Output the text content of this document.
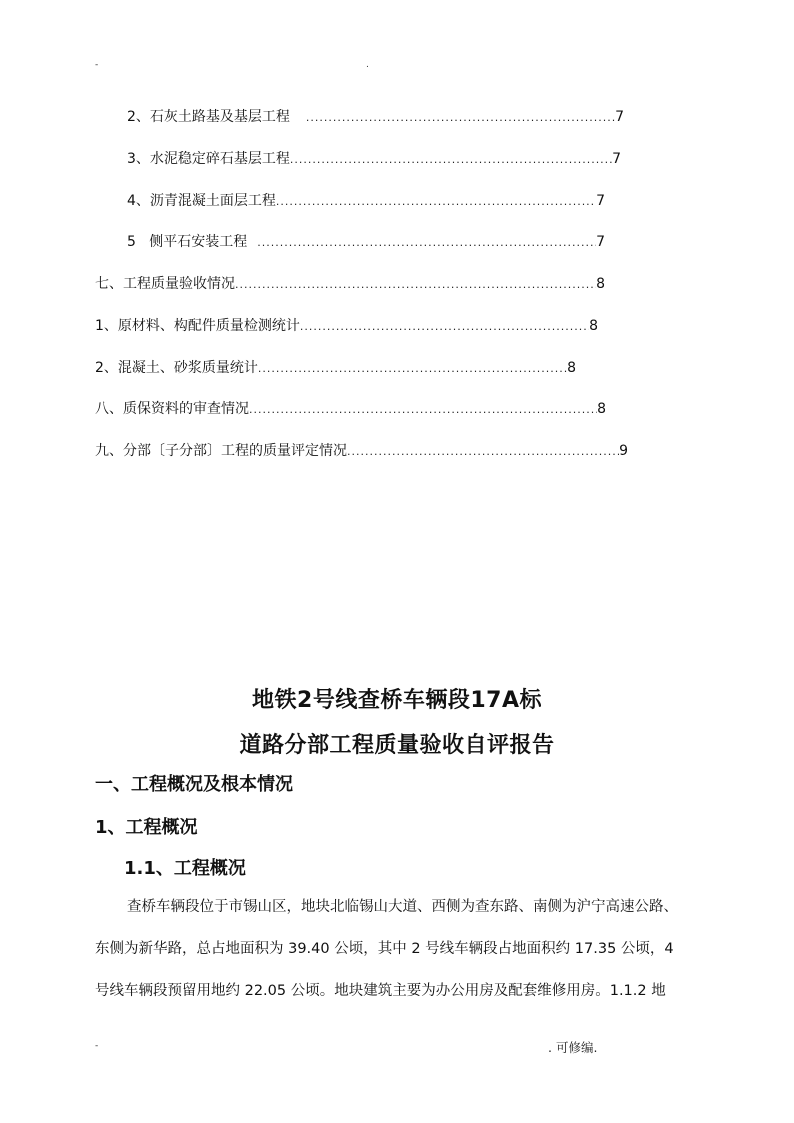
-	.
2、石灰土路基及基层工程 .....	7
3、水泥稳定碎石基层工程 .....	7
4、沥青混凝土面层工程 .....	7
5   侧平石安装工程 .....	7
七、工程质量验收情况 .....	8
1、原材料、构配件质量检测统计 .....	8
2、混凝土、砂浆质量统计 .....	8
八、质保资料的审查情况 .....	8
九、分部〔子分部〕工程的质量评定情况 .....	9
地铁2号线查桥车辆段17A标
道路分部工程质量验收自评报告
一、工程概况及根本情况
1、工程概况
1.1、工程概况
查桥车辆段位于市锡山区，地块北临锡山大道、西侧为查东路、南侧为沪宁高速公路、
东侧为新华路，总占地面积为 39.40 公顷，其中 2 号线车辆段占地面积约 17.35 公顷，4
号线车辆段预留用地约 22.05 公顷。地块建筑主要为办公用房及配套维修用房。1.1.2 地
-	. 可修编.
